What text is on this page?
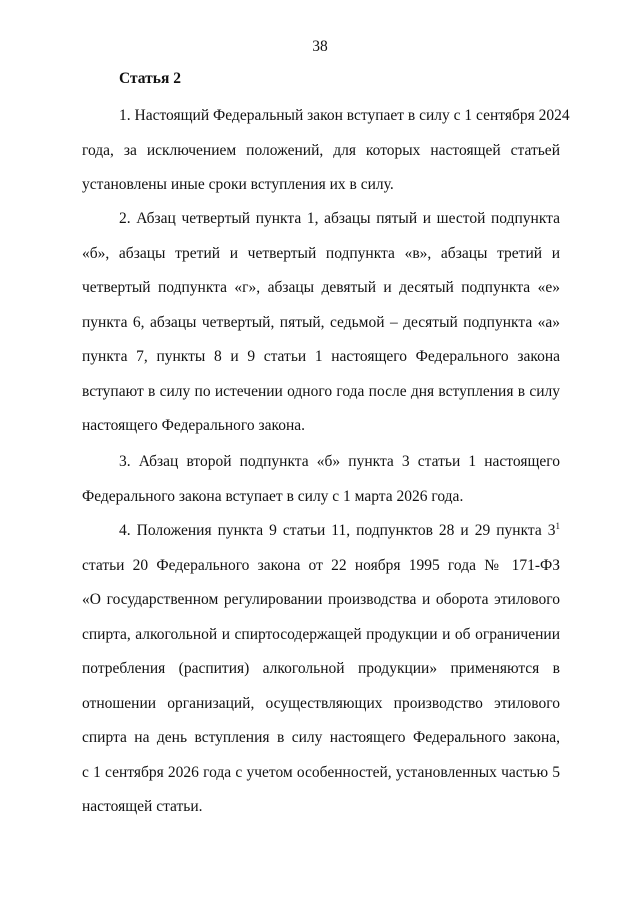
38
Статья 2

1. Настоящий Федеральный закон вступает в силу с 1 сентября 2024
года, за исключением положений, для которых настоящей статьей
установлены иные сроки вступления их в силу.

2. Абзац четвертый пункта 1, абзацы пятый и шестой подпункта
«б», абзацы третий и четвертый подпункта «в», абзацы третий и
четвертый подпункта «г», абзацы девятый и десятый подпункта «е»
пункта 6, абзацы четвертый, пятый, седьмой – десятый подпункта «а»
пункта 7, пункты 8 и 9 статьи 1 настоящего Федерального закона
вступают в силу по истечении одного года после дня вступления в силу
настоящего Федерального закона.

3. Абзац второй подпункта «б» пункта 3 статьи 1 настоящего
Федерального закона вступает в силу с 1 марта 2026 года.

4. Положения пункта 9 статьи 11, подпунктов 28 и 29 пункта $3^1$
статьи 20 Федерального закона от 22 ноября 1995 года № 171-ФЗ
«О государственном регулировании производства и оборота этилового
спирта, алкогольной и спиртосодержащей продукции и об ограничении
потребления (распития) алкогольной продукции» применяются в
отношении организаций, осуществляющих производство этилового
спирта на день вступления в силу настоящего Федерального закона,
с 1 сентября 2026 года с учетом особенностей, установленных частью 5
настоящей статьи.
